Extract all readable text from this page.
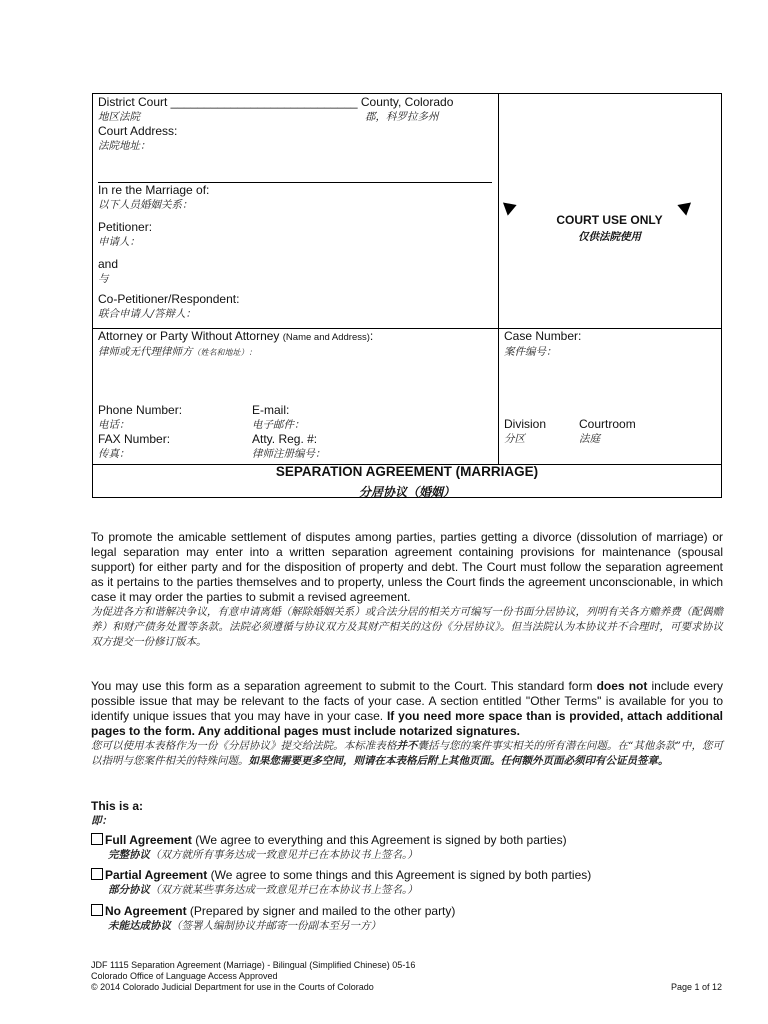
District Court ____________________________ County, Colorado
地区法院	郡，科罗拉多州
Court Address:
法院地址：
In re the Marriage of:
以下人员婚姻关系：
Petitioner:
申请人：
and
与
Co-Petitioner/Respondent:
联合申请人/答辩人：
COURT USE ONLY
仅供法院使用
Attorney or Party Without Attorney (Name and Address):
律师或无代理律师方（姓名和地址）：
Phone Number:
电话：
FAX Number:
传真：
E-mail:
电子邮件：
Atty. Reg. #:
律师注册编号：
Case Number:
案件编号：
Division
分区
Courtroom
法庭
SEPARATION AGREEMENT (MARRIAGE)
分居协议（婚姻）
To promote the amicable settlement of disputes among parties, parties getting a divorce (dissolution of marriage) or legal separation may enter into a written separation agreement containing provisions for maintenance (spousal support) for either party and for the disposition of property and debt. The Court must follow the separation agreement as it pertains to the parties themselves and to property, unless the Court finds the agreement unconscionable, in which case it may order the parties to submit a revised agreement.
为促进各方和谐解决争议，有意申请离婚（解除婚姻关系）或合法分居的相关方可编写一份书面分居协议，列明有关各方赡养费（配偶赡养）和财产债务处置等条款。法院必须遵循与协议双方及其财产相关的这份《分居协议》。但当法院认为本协议并不合理时，可要求协议双方提交一份修订版本。
You may use this form as a separation agreement to submit to the Court. This standard form does not include every possible issue that may be relevant to the facts of your case. A section entitled "Other Terms" is available for you to identify unique issues that you may have in your case. If you need more space than is provided, attach additional pages to the form. Any additional pages must include notarized signatures.
您可以使用本表格作为一份《分居协议》提交给法院。本标准表格并不囊括与您的案件事实相关的所有潜在问题。在“其他条款”中，您可以指明与您案件相关的特殊问题。如果您需要更多空间，则请在本表格后附上其他页面。任何额外页面必须印有公证员签章。
This is a:
即：
Full Agreement (We agree to everything and this Agreement is signed by both parties)
完整协议（双方就所有事务达成一致意见并已在本协议书上签名。）
Partial Agreement (We agree to some things and this Agreement is signed by both parties)
部分协议（双方就某些事务达成一致意见并已在本协议书上签名。）
No Agreement (Prepared by signer and mailed to the other party)
未能达成协议（签署人编制协议并邮寄一份副本至另一方）
JDF 1115 Separation Agreement (Marriage) - Bilingual (Simplified Chinese) 05-16
Colorado Office of Language Access Approved
© 2014 Colorado Judicial Department for use in the Courts of Colorado	Page 1 of 12
